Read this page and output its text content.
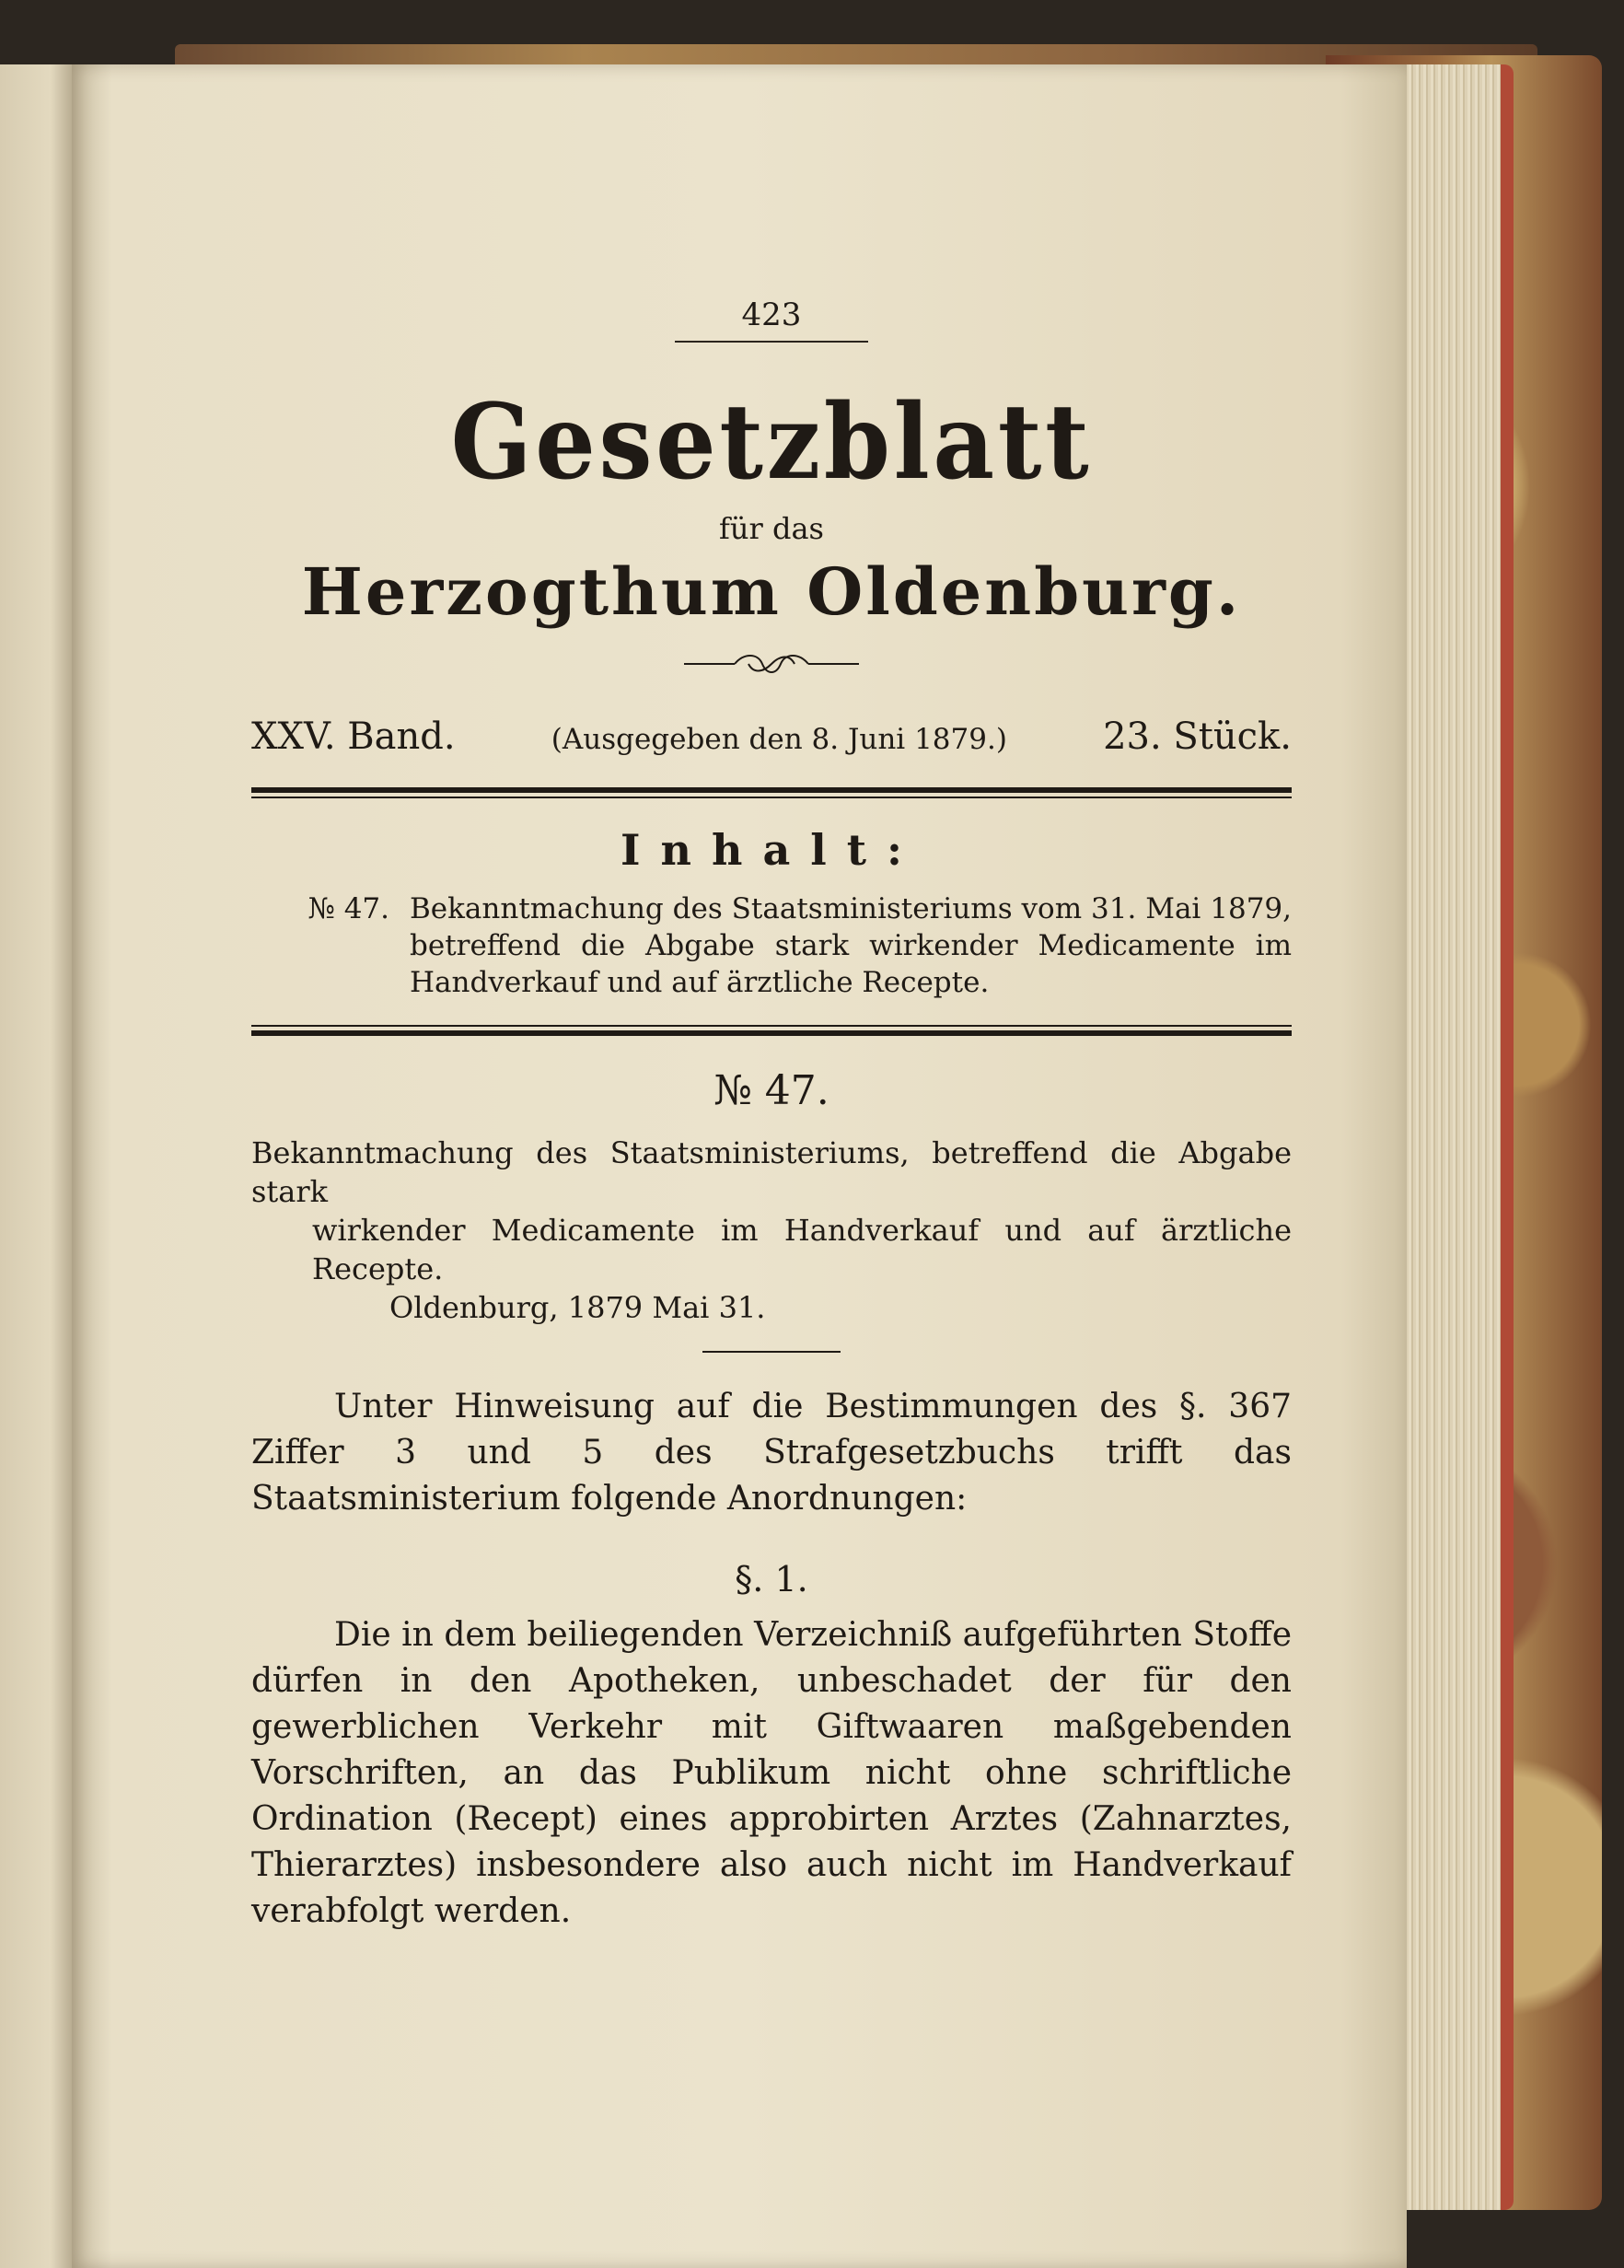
423

Gesetzblatt
für das
Herzogthum Oldenburg.
XXV. Band.	(Ausgegeben den 8. Juni 1879.)	23. Stück.
Inhalt:
№ 47. Bekanntmachung des Staatsministeriums vom 31. Mai 1879, betreffend die Abgabe stark wirkender Medicamente im Handverkauf und auf ärztliche Recepte.
№ 47.
Bekanntmachung des Staatsministeriums, betreffend die Abgabe stark
wirkender Medicamente im Handverkauf und auf ärztliche Recepte.
Oldenburg, 1879 Mai 31.

Unter Hinweisung auf die Bestimmungen des §. 367 Ziffer 3 und 5 des Strafgesetzbuchs trifft das Staatsministerium folgende Anordnungen:

§. 1.

Die in dem beiliegenden Verzeichniß aufgeführten Stoffe dürfen in den Apotheken, unbeschadet der für den gewerblichen Verkehr mit Giftwaaren maßgebenden Vorschriften, an das Publikum nicht ohne schriftliche Ordination (Recept) eines approbirten Arztes (Zahnarztes, Thierarztes) insbesondere also auch nicht im Handverkauf verabfolgt werden.
